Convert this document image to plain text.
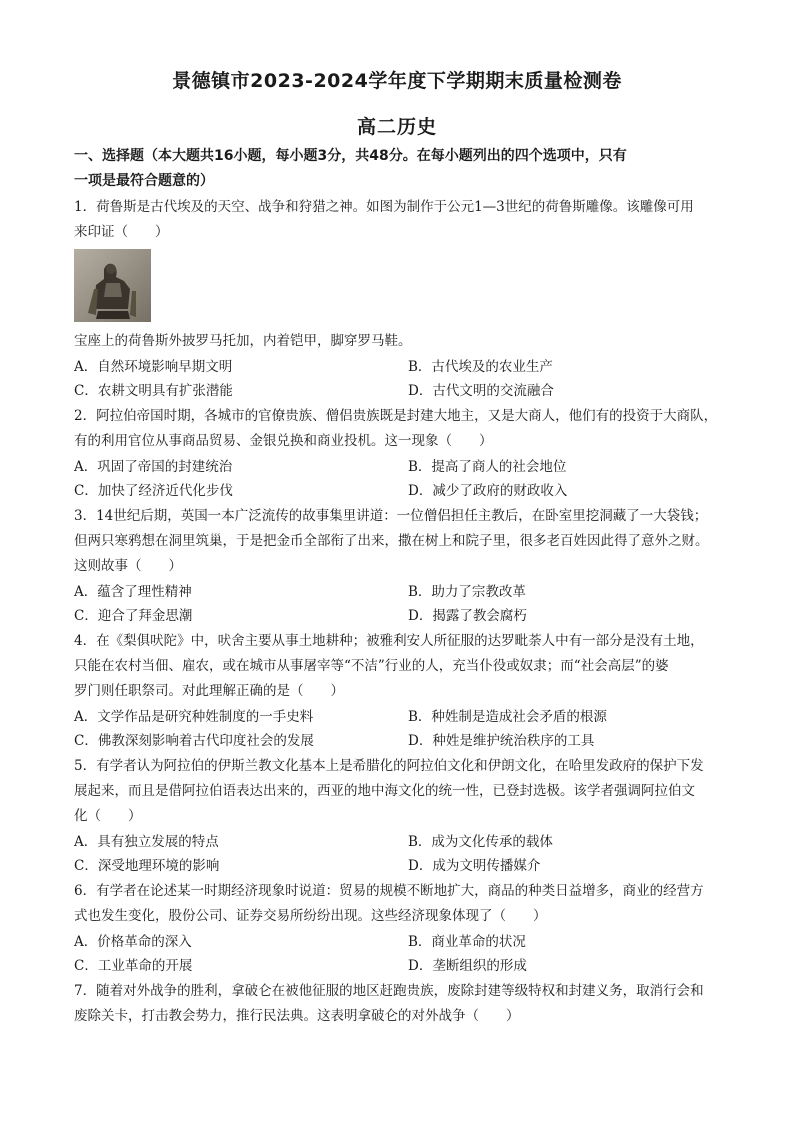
景德镇市2023-2024学年度下学期期末质量检测卷
高二历史
一、选择题（本大题共16小题，每小题3分，共48分。在每小题列出的四个选项中，只有
一项是最符合题意的）
1．荷鲁斯是古代埃及的天空、战争和狩猎之神。如图为制作于公元1—3世纪的荷鲁斯雕像。该雕像可用
来印证（　　）
宝座上的荷鲁斯外披罗马托加，内着铠甲，脚穿罗马鞋。
A．自然环境影响早期文明	B．古代埃及的农业生产
C．农耕文明具有扩张潜能	D．古代文明的交流融合
2．阿拉伯帝国时期，各城市的官僚贵族、僧侣贵族既是封建大地主，又是大商人，他们有的投资于大商队，
有的利用官位从事商品贸易、金银兑换和商业投机。这一现象（　　）
A．巩固了帝国的封建统治	B．提高了商人的社会地位
C．加快了经济近代化步伐	D．减少了政府的财政收入
3．14世纪后期，英国一本广泛流传的故事集里讲道：一位僧侣担任主教后，在卧室里挖洞藏了一大袋钱；
但两只寒鸦想在洞里筑巢，于是把金币全部衔了出来，撒在树上和院子里，很多老百姓因此得了意外之财。
这则故事（　　）
A．蕴含了理性精神	B．助力了宗教改革
C．迎合了拜金思潮	D．揭露了教会腐朽
4．在《梨俱吠陀》中，吠舍主要从事土地耕种；被雅利安人所征服的达罗毗荼人中有一部分是没有土地，
只能在农村当佃、雇农，或在城市从事屠宰等“不洁”行业的人，充当仆役或奴隶；而“社会高层”的婆
罗门则任职祭司。对此理解正确的是（　　）
A．文学作品是研究种姓制度的一手史料	B．种姓制是造成社会矛盾的根源
C．佛教深刻影响着古代印度社会的发展	D．种姓是维护统治秩序的工具
5．有学者认为阿拉伯的伊斯兰教文化基本上是希腊化的阿拉伯文化和伊朗文化，在哈里发政府的保护下发
展起来，而且是借阿拉伯语表达出来的，西亚的地中海文化的统一性，已登封选极。该学者强调阿拉伯文
化（　　）
A．具有独立发展的特点	B．成为文化传承的载体
C．深受地理环境的影响	D．成为文明传播媒介
6．有学者在论述某一时期经济现象时说道：贸易的规模不断地扩大，商品的种类日益增多，商业的经营方
式也发生变化，股份公司、证券交易所纷纷出现。这些经济现象体现了（　　）
A．价格革命的深入	B．商业革命的状况
C．工业革命的开展	D．垄断组织的形成
7．随着对外战争的胜利，拿破仑在被他征服的地区赶跑贵族，废除封建等级特权和封建义务，取消行会和
废除关卡，打击教会势力，推行民法典。这表明拿破仑的对外战争（　　）
